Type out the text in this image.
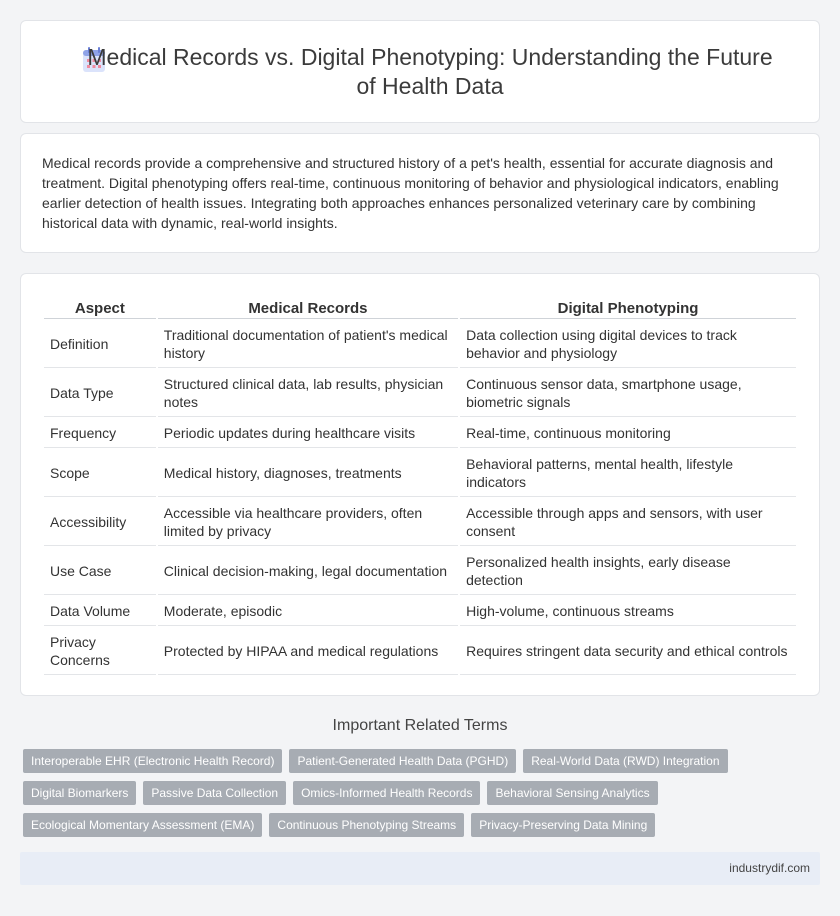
Medical Records vs. Digital Phenotyping: Understanding the Future of Health Data

Medical records provide a comprehensive and structured history of a pet's health, essential for accurate diagnosis and treatment. Digital phenotyping offers real-time, continuous monitoring of behavior and physiological indicators, enabling earlier detection of health issues. Integrating both approaches enhances personalized veterinary care by combining historical data with dynamic, real-world insights.

Aspect	Medical Records	Digital Phenotyping
Definition	Traditional documentation of patient's medical history	Data collection using digital devices to track behavior and physiology
Data Type	Structured clinical data, lab results, physician notes	Continuous sensor data, smartphone usage, biometric signals
Frequency	Periodic updates during healthcare visits	Real-time, continuous monitoring
Scope	Medical history, diagnoses, treatments	Behavioral patterns, mental health, lifestyle indicators
Accessibility	Accessible via healthcare providers, often limited by privacy	Accessible through apps and sensors, with user consent
Use Case	Clinical decision-making, legal documentation	Personalized health insights, early disease detection
Data Volume	Moderate, episodic	High-volume, continuous streams
Privacy Concerns	Protected by HIPAA and medical regulations	Requires stringent data security and ethical controls
Important Related Terms
Interoperable EHR (Electronic Health Record)	Patient-Generated Health Data (PGHD)	Real-World Data (RWD) Integration
Digital Biomarkers	Passive Data Collection	Omics-Informed Health Records	Behavioral Sensing Analytics
Ecological Momentary Assessment (EMA)	Continuous Phenotyping Streams	Privacy-Preserving Data Mining
industrydif.com
